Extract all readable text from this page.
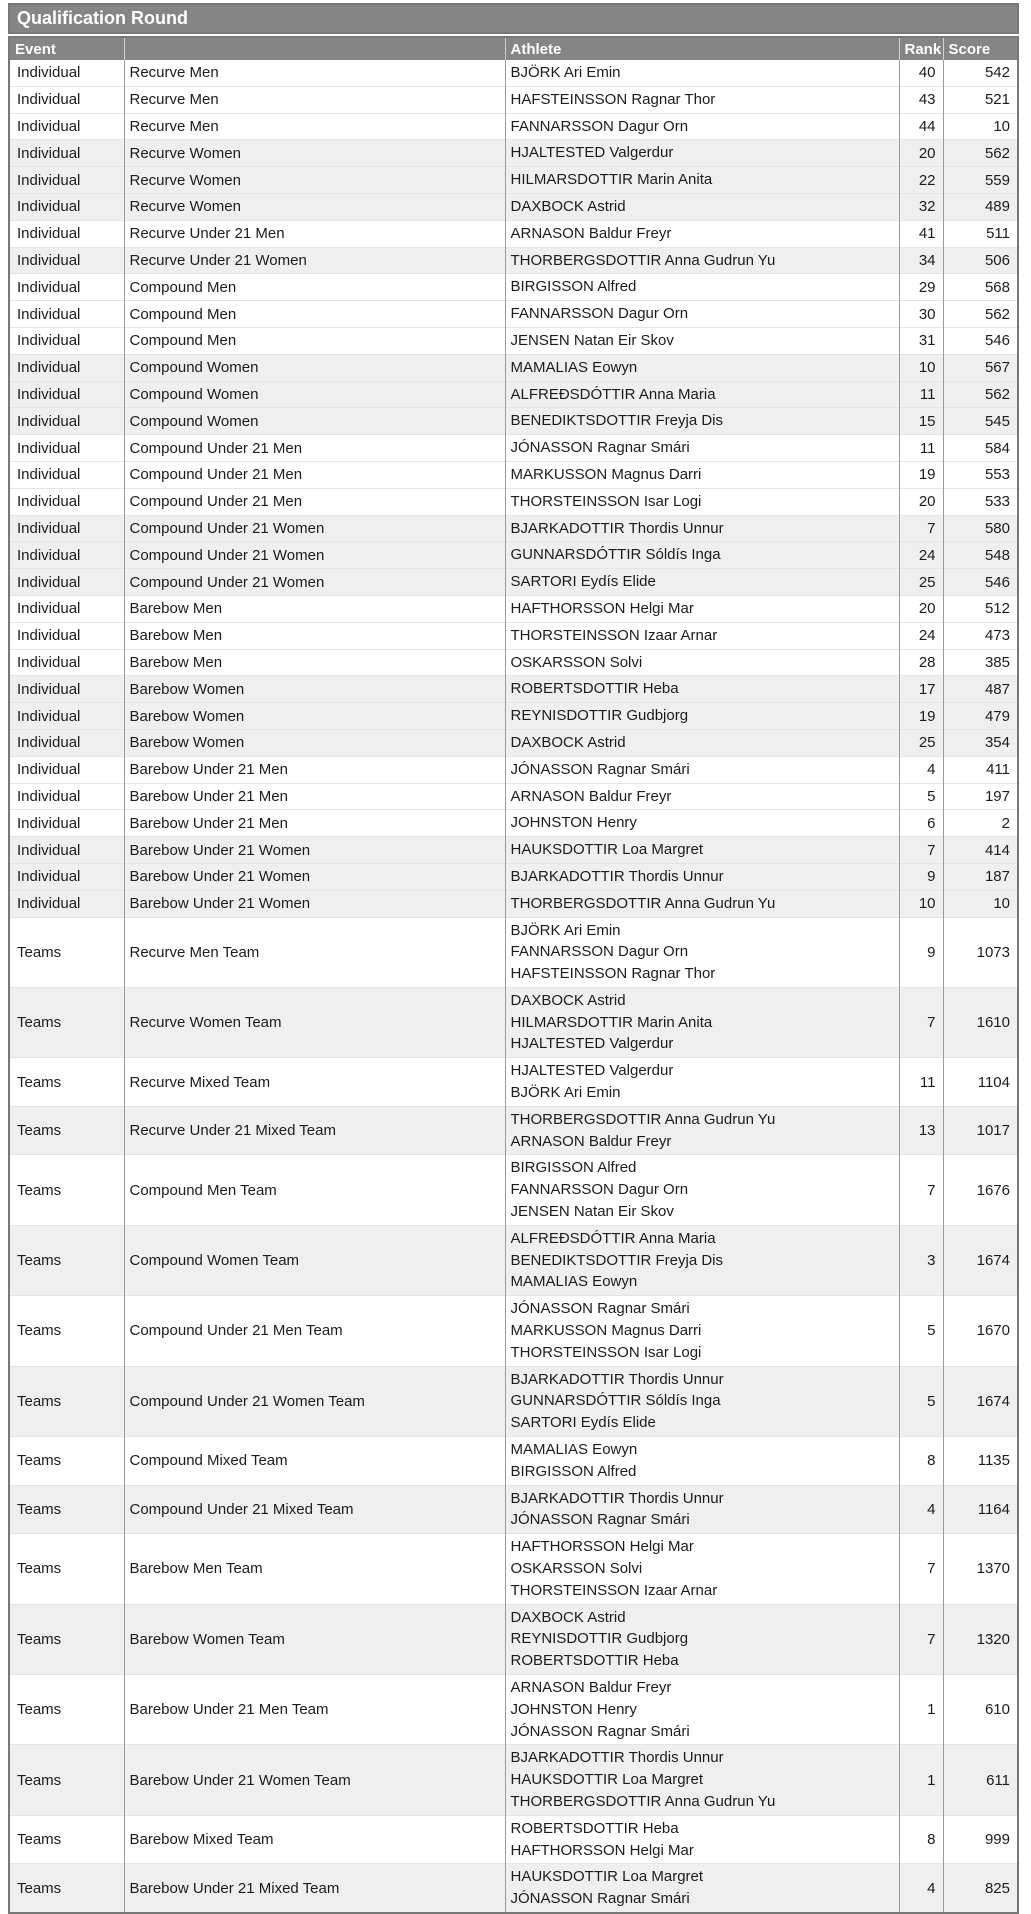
Qualification Round
Event		Athlete	Rank	Score
Individual	Recurve Men	BJÖRK Ari Emin	40	542
Individual	Recurve Men	HAFSTEINSSON Ragnar Thor	43	521
Individual	Recurve Men	FANNARSSON Dagur Orn	44	10
Individual	Recurve Women	HJALTESTED Valgerdur	20	562
Individual	Recurve Women	HILMARSDOTTIR Marin Anita	22	559
Individual	Recurve Women	DAXBOCK Astrid	32	489
Individual	Recurve Under 21 Men	ARNASON Baldur Freyr	41	511
Individual	Recurve Under 21 Women	THORBERGSDOTTIR Anna Gudrun Yu	34	506
Individual	Compound Men	BIRGISSON Alfred	29	568
Individual	Compound Men	FANNARSSON Dagur Orn	30	562
Individual	Compound Men	JENSEN Natan Eir Skov	31	546
Individual	Compound Women	MAMALIAS Eowyn	10	567
Individual	Compound Women	ALFREÐSDÓTTIR Anna Maria	11	562
Individual	Compound Women	BENEDIKTSDOTTIR Freyja Dis	15	545
Individual	Compound Under 21 Men	JÓNASSON Ragnar Smári	11	584
Individual	Compound Under 21 Men	MARKUSSON Magnus Darri	19	553
Individual	Compound Under 21 Men	THORSTEINSSON Isar Logi	20	533
Individual	Compound Under 21 Women	BJARKADOTTIR Thordis Unnur	7	580
Individual	Compound Under 21 Women	GUNNARSDÓTTIR Sóldís Inga	24	548
Individual	Compound Under 21 Women	SARTORI Eydís Elide	25	546
Individual	Barebow Men	HAFTHORSSON Helgi Mar	20	512
Individual	Barebow Men	THORSTEINSSON Izaar Arnar	24	473
Individual	Barebow Men	OSKARSSON Solvi	28	385
Individual	Barebow Women	ROBERTSDOTTIR Heba	17	487
Individual	Barebow Women	REYNISDOTTIR Gudbjorg	19	479
Individual	Barebow Women	DAXBOCK Astrid	25	354
Individual	Barebow Under 21 Men	JÓNASSON Ragnar Smári	4	411
Individual	Barebow Under 21 Men	ARNASON Baldur Freyr	5	197
Individual	Barebow Under 21 Men	JOHNSTON Henry	6	2
Individual	Barebow Under 21 Women	HAUKSDOTTIR Loa Margret	7	414
Individual	Barebow Under 21 Women	BJARKADOTTIR Thordis Unnur	9	187
Individual	Barebow Under 21 Women	THORBERGSDOTTIR Anna Gudrun Yu	10	10
Teams	Recurve Men Team	BJÖRK Ari Emin
FANNARSSON Dagur Orn
HAFSTEINSSON Ragnar Thor	9	1073
Teams	Recurve Women Team	DAXBOCK Astrid
HILMARSDOTTIR Marin Anita
HJALTESTED Valgerdur	7	1610
Teams	Recurve Mixed Team	HJALTESTED Valgerdur
BJÖRK Ari Emin	11	1104
Teams	Recurve Under 21 Mixed Team	THORBERGSDOTTIR Anna Gudrun Yu
ARNASON Baldur Freyr	13	1017
Teams	Compound Men Team	BIRGISSON Alfred
FANNARSSON Dagur Orn
JENSEN Natan Eir Skov	7	1676
Teams	Compound Women Team	ALFREÐSDÓTTIR Anna Maria
BENEDIKTSDOTTIR Freyja Dis
MAMALIAS Eowyn	3	1674
Teams	Compound Under 21 Men Team	JÓNASSON Ragnar Smári
MARKUSSON Magnus Darri
THORSTEINSSON Isar Logi	5	1670
Teams	Compound Under 21 Women Team	BJARKADOTTIR Thordis Unnur
GUNNARSDÓTTIR Sóldís Inga
SARTORI Eydís Elide	5	1674
Teams	Compound Mixed Team	MAMALIAS Eowyn
BIRGISSON Alfred	8	1135
Teams	Compound Under 21 Mixed Team	BJARKADOTTIR Thordis Unnur
JÓNASSON Ragnar Smári	4	1164
Teams	Barebow Men Team	HAFTHORSSON Helgi Mar
OSKARSSON Solvi
THORSTEINSSON Izaar Arnar	7	1370
Teams	Barebow Women Team	DAXBOCK Astrid
REYNISDOTTIR Gudbjorg
ROBERTSDOTTIR Heba	7	1320
Teams	Barebow Under 21 Men Team	ARNASON Baldur Freyr
JOHNSTON Henry
JÓNASSON Ragnar Smári	1	610
Teams	Barebow Under 21 Women Team	BJARKADOTTIR Thordis Unnur
HAUKSDOTTIR Loa Margret
THORBERGSDOTTIR Anna Gudrun Yu	1	611
Teams	Barebow Mixed Team	ROBERTSDOTTIR Heba
HAFTHORSSON Helgi Mar	8	999
Teams	Barebow Under 21 Mixed Team	HAUKSDOTTIR Loa Margret
JÓNASSON Ragnar Smári	4	825
